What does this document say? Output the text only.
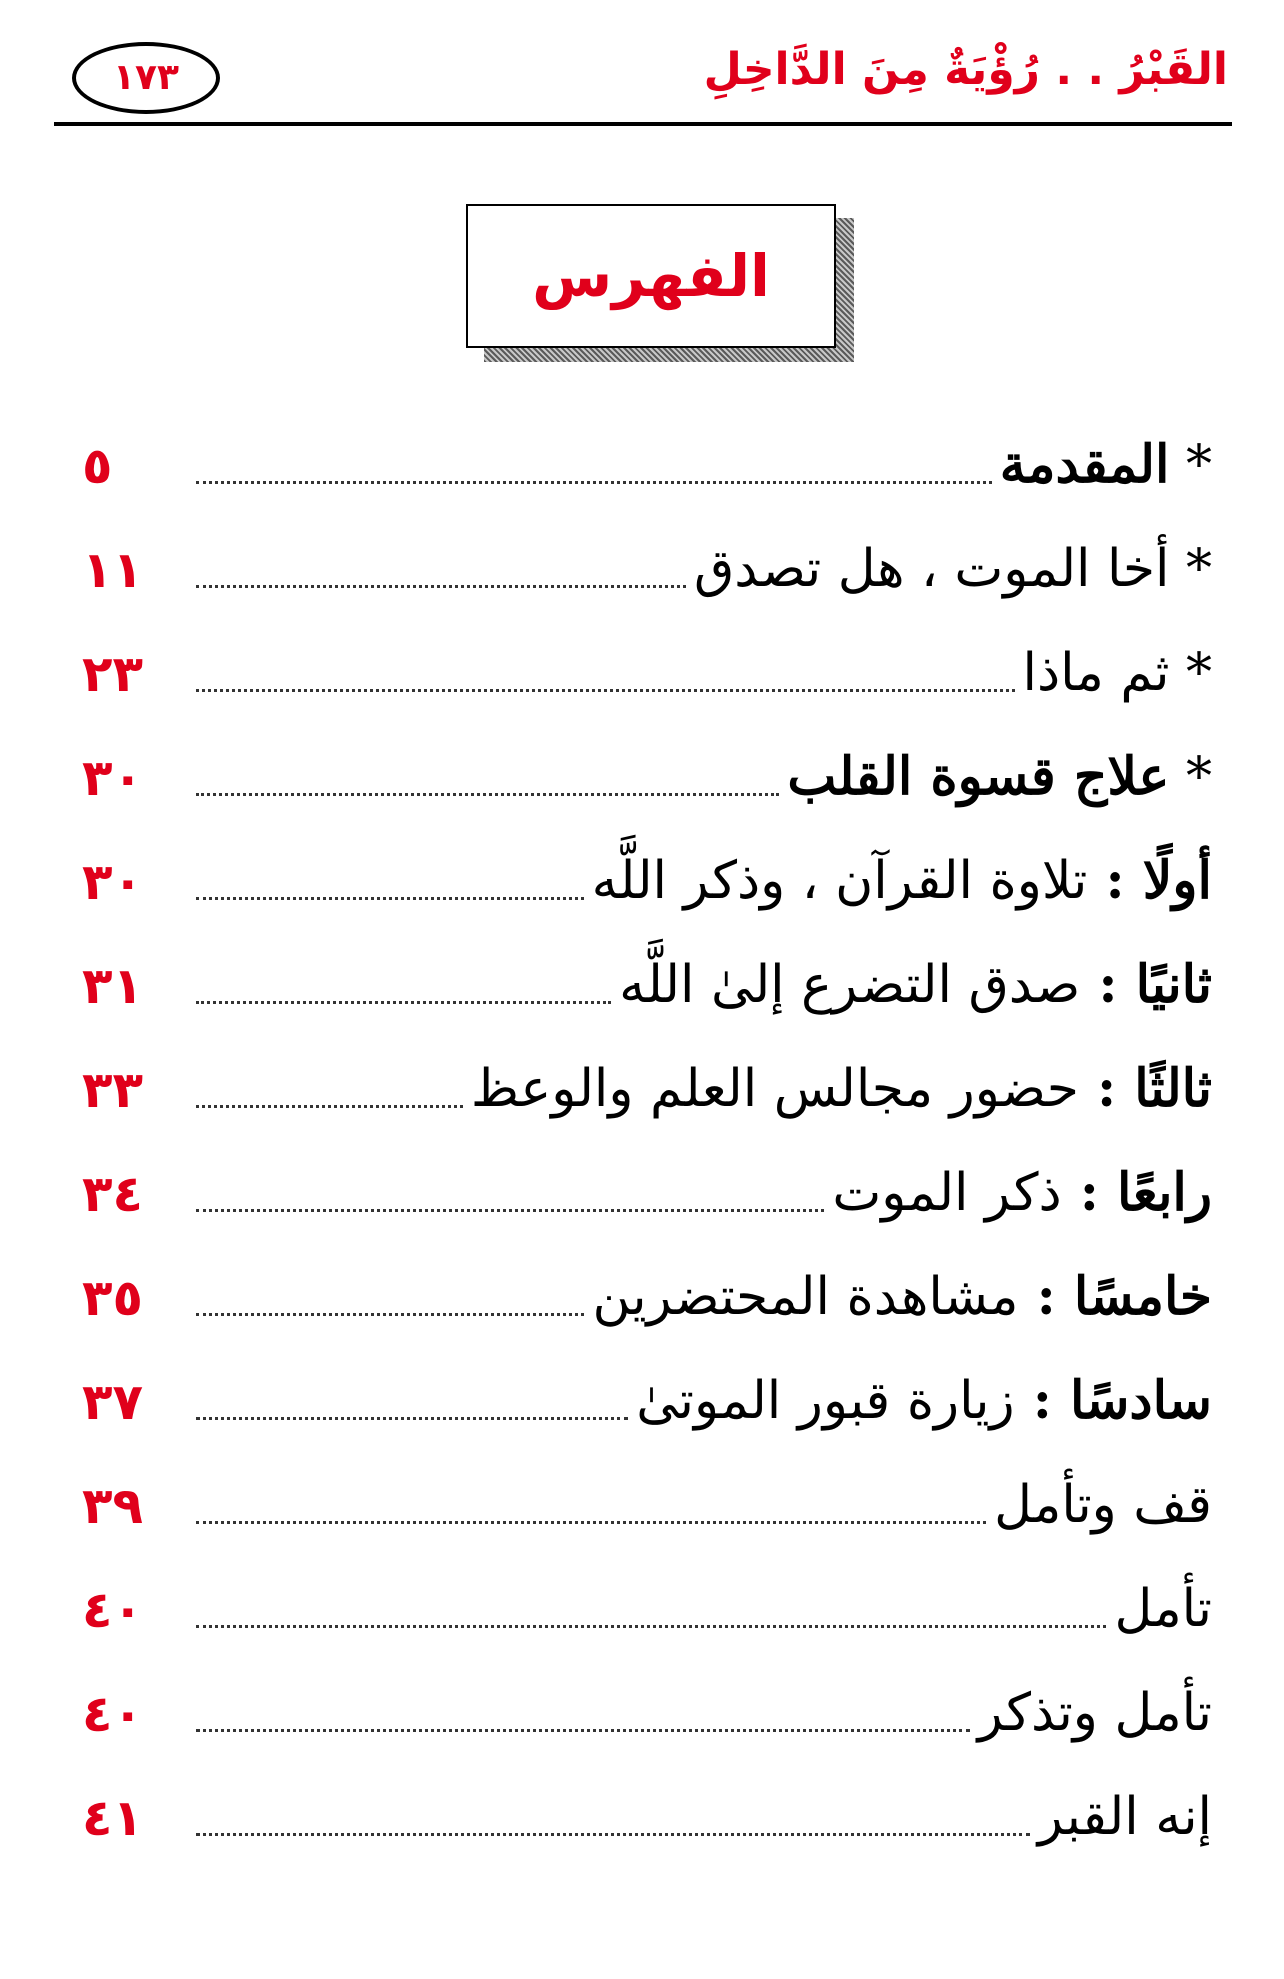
القَبْرُ . . رُؤْيَةٌ مِنَ الدَّاخِلِ
١٧٣
الفهرس
* المقدمة
٥
* أخا الموت ، هل تصدق
١١
* ثم ماذا
٢٣
* علاج قسوة القلب
٣٠
أولًا : تلاوة القرآن ، وذكر اللَّه
٣٠
ثانيًا : صدق التضرع إلىٰ اللَّه
٣١
ثالثًا : حضور مجالس العلم والوعظ
٣٣
رابعًا : ذكر الموت
٣٤
خامسًا : مشاهدة المحتضرين
٣٥
سادسًا : زيارة قبور الموتىٰ
٣٧
قف وتأمل
٣٩
تأمل
٤٠
تأمل وتذكر
٤٠
إنه القبر
٤١
